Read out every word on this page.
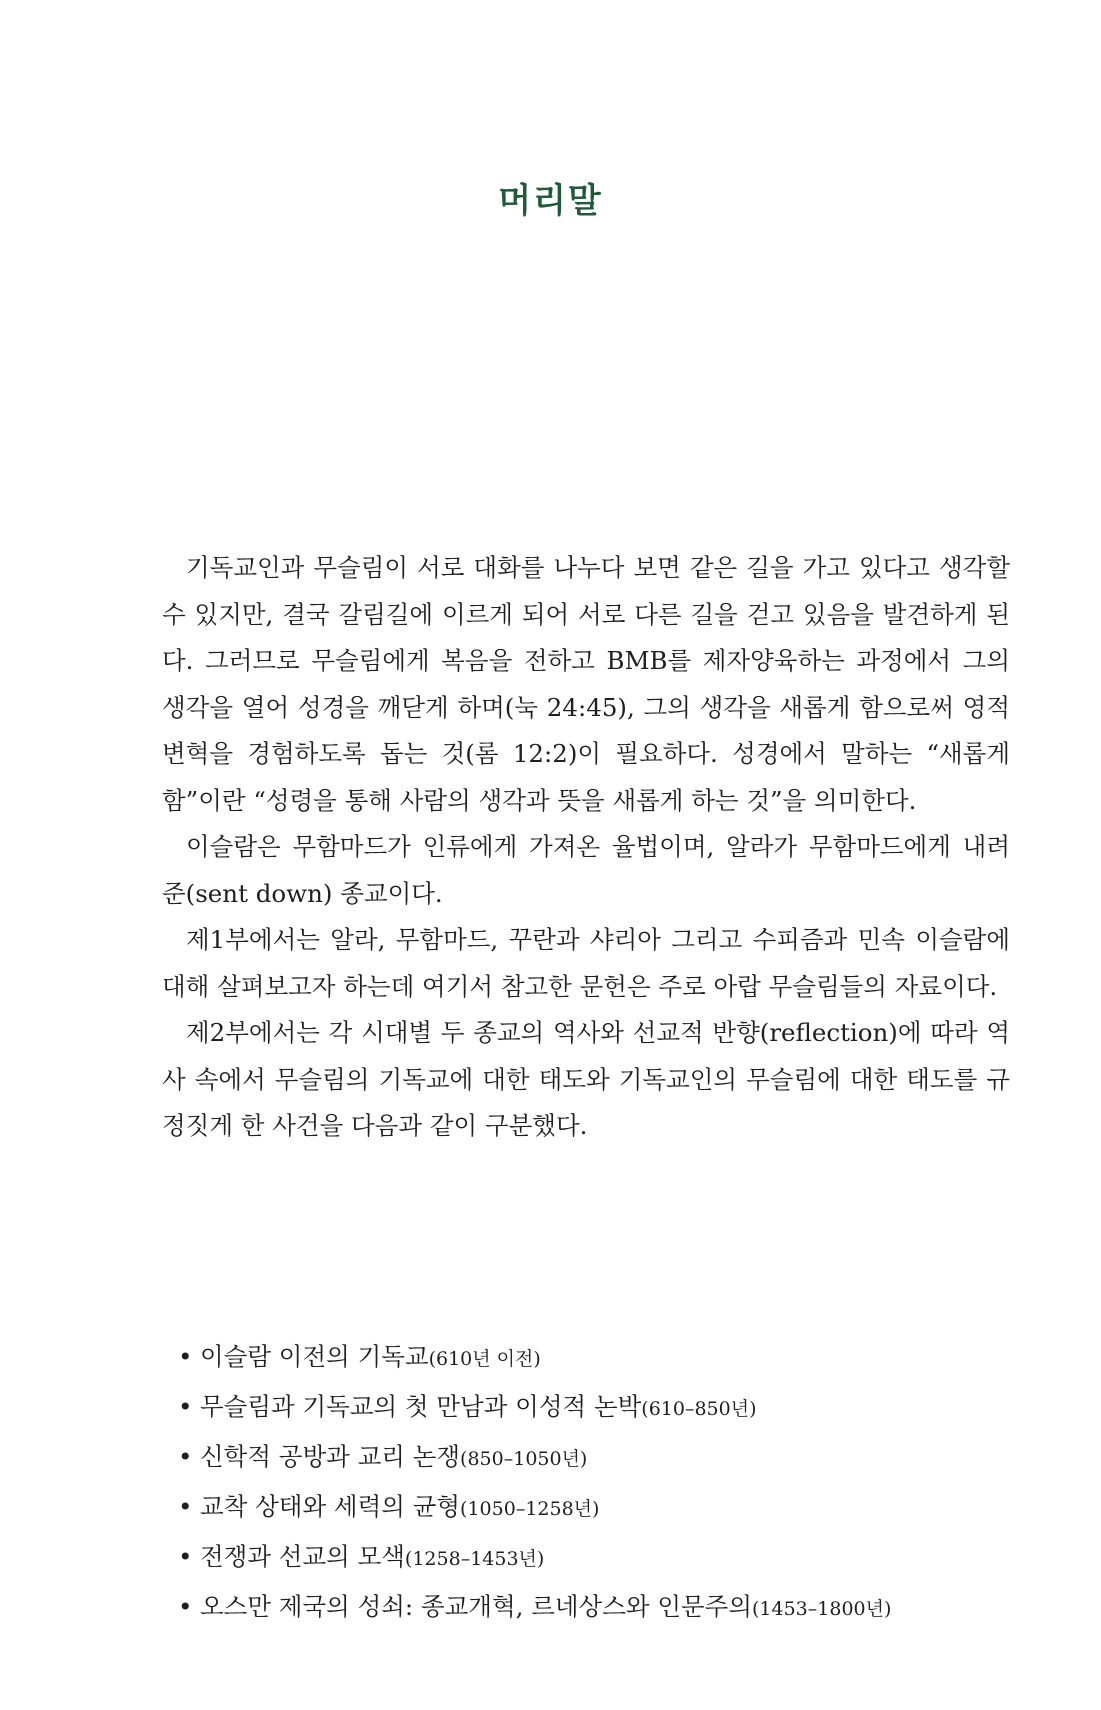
머리말

기독교인과 무슬림이 서로 대화를 나누다 보면 같은 길을 가고 있다고 생각할 수 있지만, 결국 갈림길에 이르게 되어 서로 다른 길을 걷고 있음을 발견하게 된다. 그러므로 무슬림에게 복음을 전하고 BMB를 제자양육하는 과정에서 그의 생각을 열어 성경을 깨닫게 하며(눅 24:45), 그의 생각을 새롭게 함으로써 영적 변혁을 경험하도록 돕는 것(롬 12:2)이 필요하다. 성경에서 말하는 “새롭게 함”이란 “성령을 통해 사람의 생각과 뜻을 새롭게 하는 것”을 의미한다.

이슬람은 무함마드가 인류에게 가져온 율법이며, 알라가 무함마드에게 내려 준(sent down) 종교이다.

제1부에서는 알라, 무함마드, 꾸란과 샤리아 그리고 수피즘과 민속 이슬람에 대해 살펴보고자 하는데 여기서 참고한 문헌은 주로 아랍 무슬림들의 자료이다.

제2부에서는 각 시대별 두 종교의 역사와 선교적 반향(reflection)에 따라 역사 속에서 무슬림의 기독교에 대한 태도와 기독교인의 무슬림에 대한 태도를 규정짓게 한 사건을 다음과 같이 구분했다.

• 이슬람 이전의 기독교(610년 이전)
• 무슬림과 기독교의 첫 만남과 이성적 논박(610–850년)
• 신학적 공방과 교리 논쟁(850–1050년)
• 교착 상태와 세력의 균형(1050–1258년)
• 전쟁과 선교의 모색(1258–1453년)
• 오스만 제국의 성쇠: 종교개혁, 르네상스와 인문주의(1453–1800년)
